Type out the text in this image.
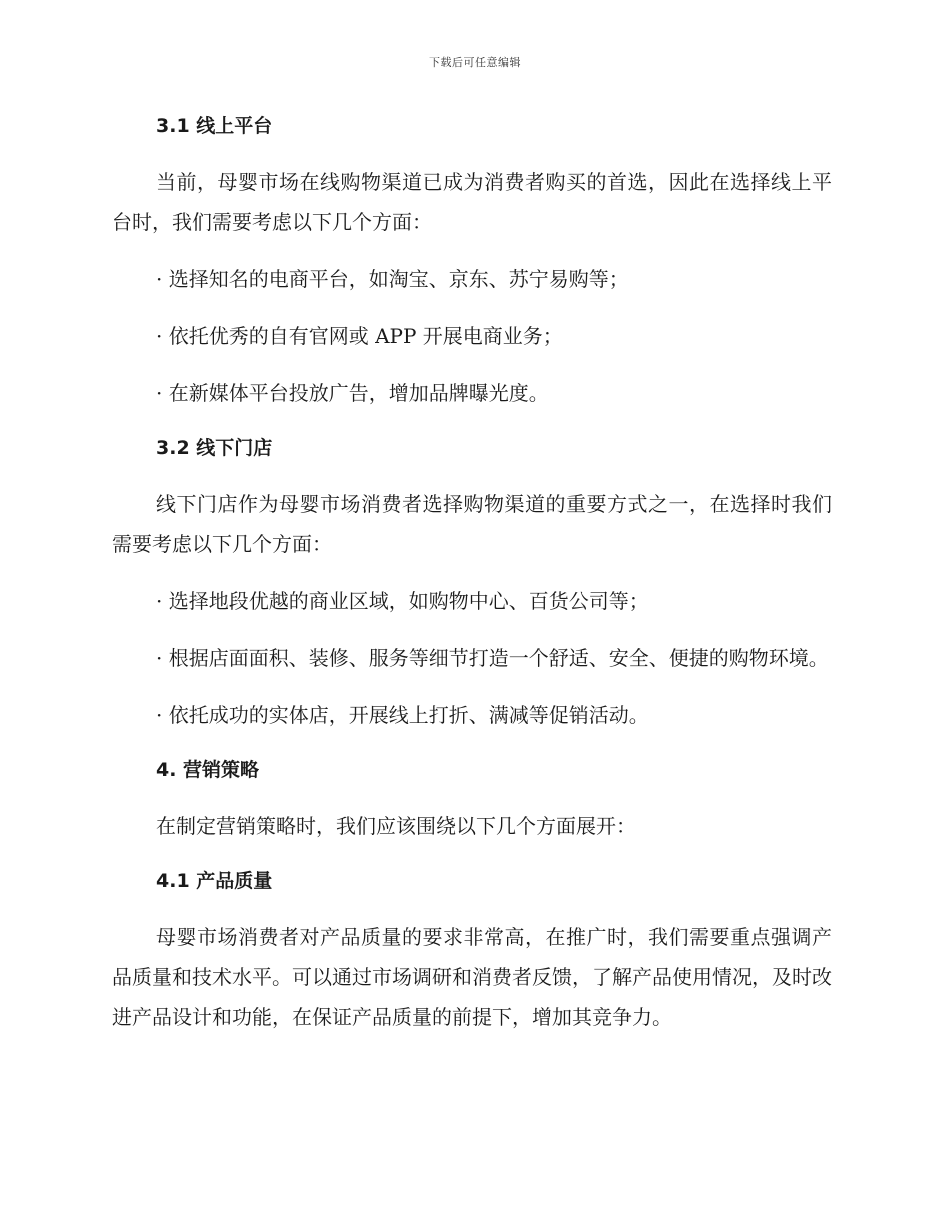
下载后可任意编辑
3.1 线上平台

当前，母婴市场在线购物渠道已成为消费者购买的首选，因此在选择线上平台时，我们需要考虑以下几个方面：

· 选择知名的电商平台，如淘宝、京东、苏宁易购等；

· 依托优秀的自有官网或 APP 开展电商业务；

· 在新媒体平台投放广告，增加品牌曝光度。

3.2 线下门店

线下门店作为母婴市场消费者选择购物渠道的重要方式之一，在选择时我们需要考虑以下几个方面：

· 选择地段优越的商业区域，如购物中心、百货公司等；

· 根据店面面积、装修、服务等细节打造一个舒适、安全、便捷的购物环境。

· 依托成功的实体店，开展线上打折、满减等促销活动。

4. 营销策略

在制定营销策略时，我们应该围绕以下几个方面展开：

4.1 产品质量

母婴市场消费者对产品质量的要求非常高，在推广时，我们需要重点强调产品质量和技术水平。可以通过市场调研和消费者反馈，了解产品使用情况，及时改进产品设计和功能，在保证产品质量的前提下，增加其竞争力。
